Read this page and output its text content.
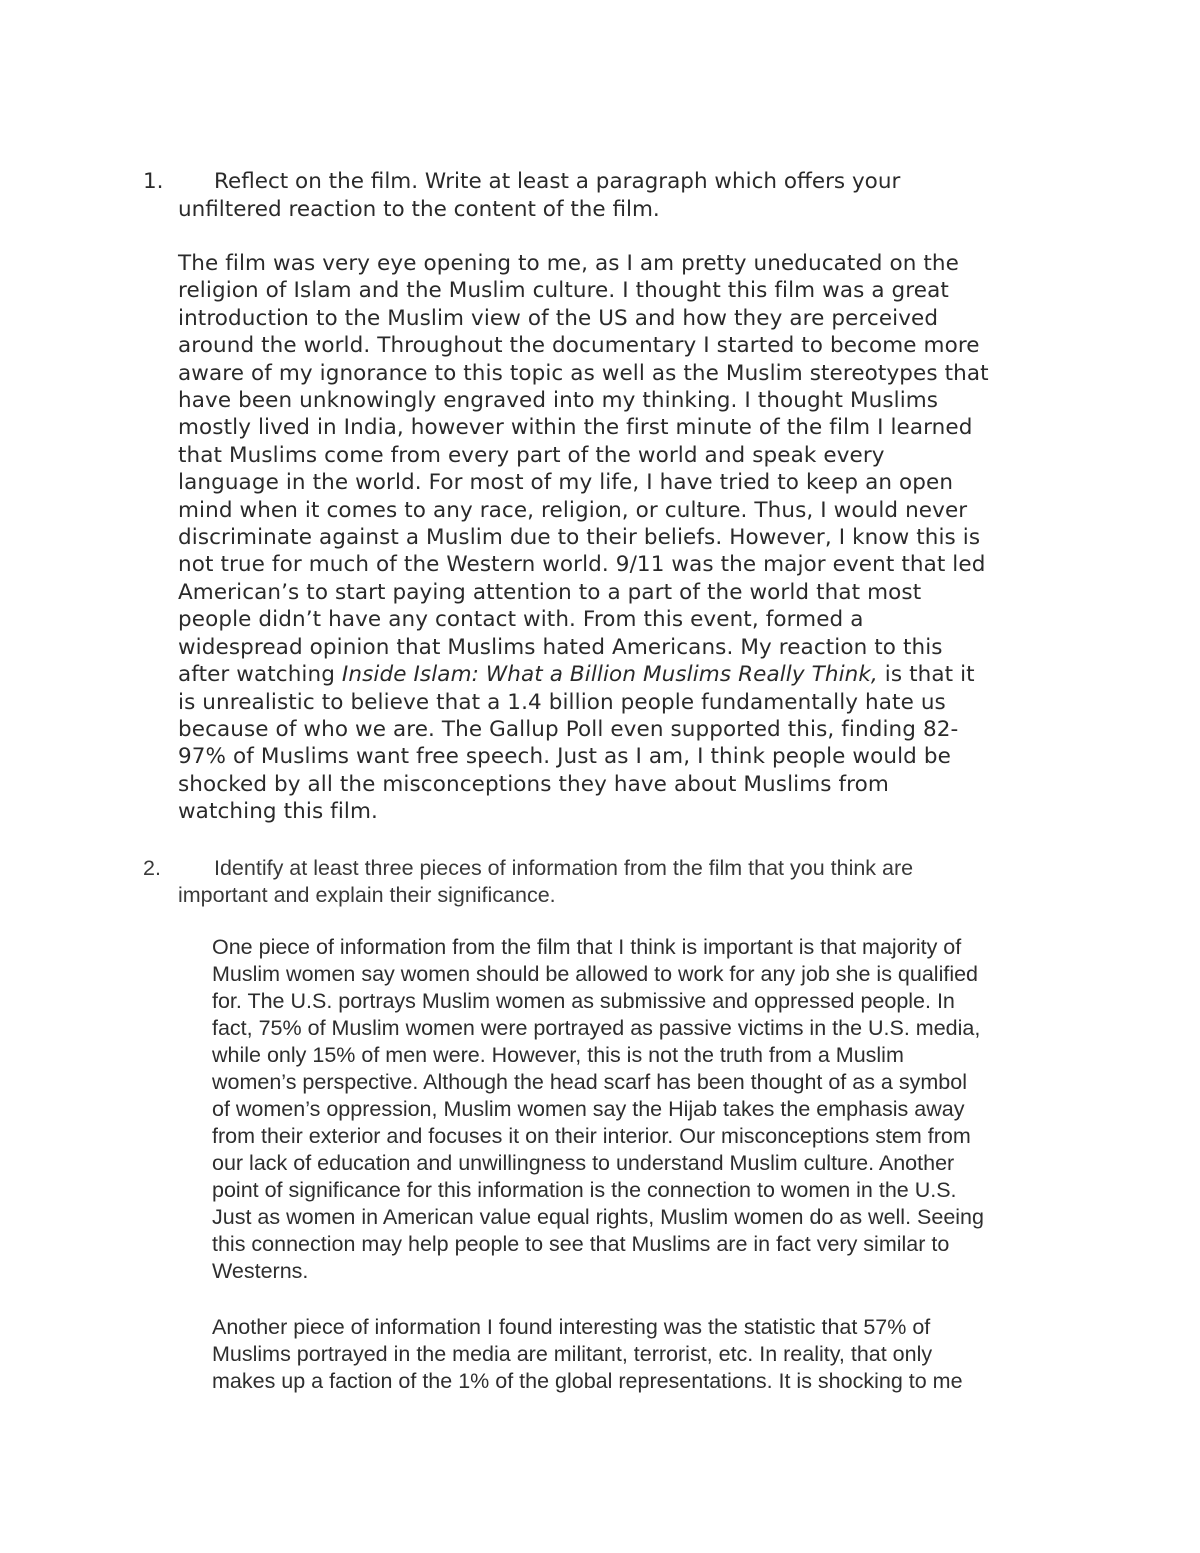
1.	Reflect on the film. Write at least a paragraph which offers your
unfiltered reaction to the content of the film.
The film was very eye opening to me, as I am pretty uneducated on the
religion of Islam and the Muslim culture. I thought this film was a great
introduction to the Muslim view of the US and how they are perceived
around the world. Throughout the documentary I started to become more
aware of my ignorance to this topic as well as the Muslim stereotypes that
have been unknowingly engraved into my thinking. I thought Muslims
mostly lived in India, however within the first minute of the film I learned
that Muslims come from every part of the world and speak every
language in the world. For most of my life, I have tried to keep an open
mind when it comes to any race, religion, or culture. Thus, I would never
discriminate against a Muslim due to their beliefs. However, I know this is
not true for much of the Western world. 9/11 was the major event that led
American’s to start paying attention to a part of the world that most
people didn’t have any contact with. From this event, formed a
widespread opinion that Muslims hated Americans. My reaction to this
after watching Inside Islam: What a Billion Muslims Really Think, is that it
is unrealistic to believe that a 1.4 billion people fundamentally hate us
because of who we are. The Gallup Poll even supported this, finding 82-
97% of Muslims want free speech. Just as I am, I think people would be
shocked by all the misconceptions they have about Muslims from
watching this film.
2.	Identify at least three pieces of information from the film that you think are
important and explain their significance.
One piece of information from the film that I think is important is that majority of
Muslim women say women should be allowed to work for any job she is qualified
for. The U.S. portrays Muslim women as submissive and oppressed people. In
fact, 75% of Muslim women were portrayed as passive victims in the U.S. media,
while only 15% of men were. However, this is not the truth from a Muslim
women’s perspective. Although the head scarf has been thought of as a symbol
of women’s oppression, Muslim women say the Hijab takes the emphasis away
from their exterior and focuses it on their interior. Our misconceptions stem from
our lack of education and unwillingness to understand Muslim culture. Another
point of significance for this information is the connection to women in the U.S.
Just as women in American value equal rights, Muslim women do as well. Seeing
this connection may help people to see that Muslims are in fact very similar to
Westerns.
Another piece of information I found interesting was the statistic that 57% of
Muslims portrayed in the media are militant, terrorist, etc. In reality, that only
makes up a faction of the 1% of the global representations. It is shocking to me
